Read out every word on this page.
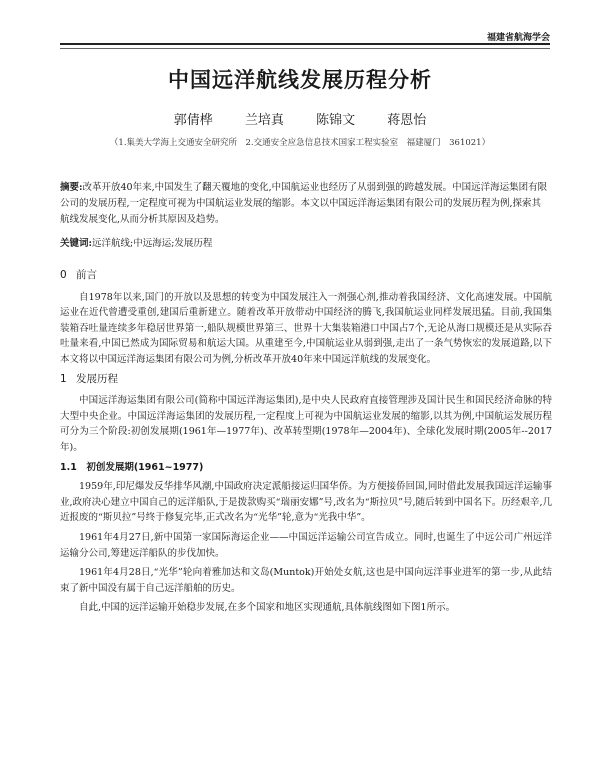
福建省航海学会
中国远洋航线发展历程分析
郭倩桦 兰培真 陈锦文 蒋恩怡
（1.集美大学海上交通安全研究所　2.交通安全应急信息技术国家工程实验室　福建厦门　361021）
摘要:改革开放40年来,中国发生了翻天覆地的变化,中国航运业也经历了从弱到强的跨越发展。中国远洋海运集团有限公司的发展历程,一定程度可视为中国航运业发展的缩影。本文以中国远洋海运集团有限公司的发展历程为例,探索其航线发展变化,从而分析其原因及趋势。
关键词:远洋航线;中远海运;发展历程
0 前言

自1978年以来,国门的开放以及思想的转变为中国发展注入一剂强心剂,推动着我国经济、文化高速发展。中国航运业在近代曾遭受重创,建国后重新建立。随着改革开放带动中国经济的腾飞,我国航运业同样发展迅猛。目前,我国集装箱吞吐量连续多年稳居世界第一,船队规模世界第三、世界十大集装箱港口中国占7个,无论从海口规模还是从实际吞吐量来看,中国已然成为国际贸易和航运大国。从重建至今,中国航运业从弱到强,走出了一条气势恢宏的发展道路,以下本文将以中国远洋海运集团有限公司为例,分析改革开放40年来中国远洋航线的发展变化。

1 发展历程

中国远洋海运集团有限公司(简称中国远洋海运集团),是中央人民政府直接管理涉及国计民生和国民经济命脉的特大型中央企业。中国远洋海运集团的发展历程,一定程度上可视为中国航运业发展的缩影,以其为例,中国航运发展历程可分为三个阶段:初创发展期(1961年—1977年)、改革转型期(1978年—2004年)、全球化发展时期(2005年--2017年)。

1.1　初创发展期(1961~1977)

1959年,印尼爆发反华排华风潮,中国政府决定派船接运归国华侨。为方便接侨回国,同时借此发展我国远洋运输事业,政府决心建立中国自己的远洋船队,于是拨款购买“瑞丽安娜”号,改名为“斯拉贝”号,随后转到中国名下。历经艰辛,几近报废的“斯贝拉”号终于修复完毕,正式改名为“光华”轮,意为“光我中华”。

1961年4月27日,新中国第一家国际海运企业——中国远洋运输公司宣告成立。同时,也诞生了中远公司广州远洋运输分公司,筹建远洋船队的步伐加快。

1961年4月28日,“光华”轮向着雅加达和文岛(Muntok)开始处女航,这也是中国向远洋事业进军的第一步,从此结束了新中国没有属于自己远洋船舶的历史。

自此,中国的远洋运输开始稳步发展,在多个国家和地区实现通航,具体航线图如下图1所示。
